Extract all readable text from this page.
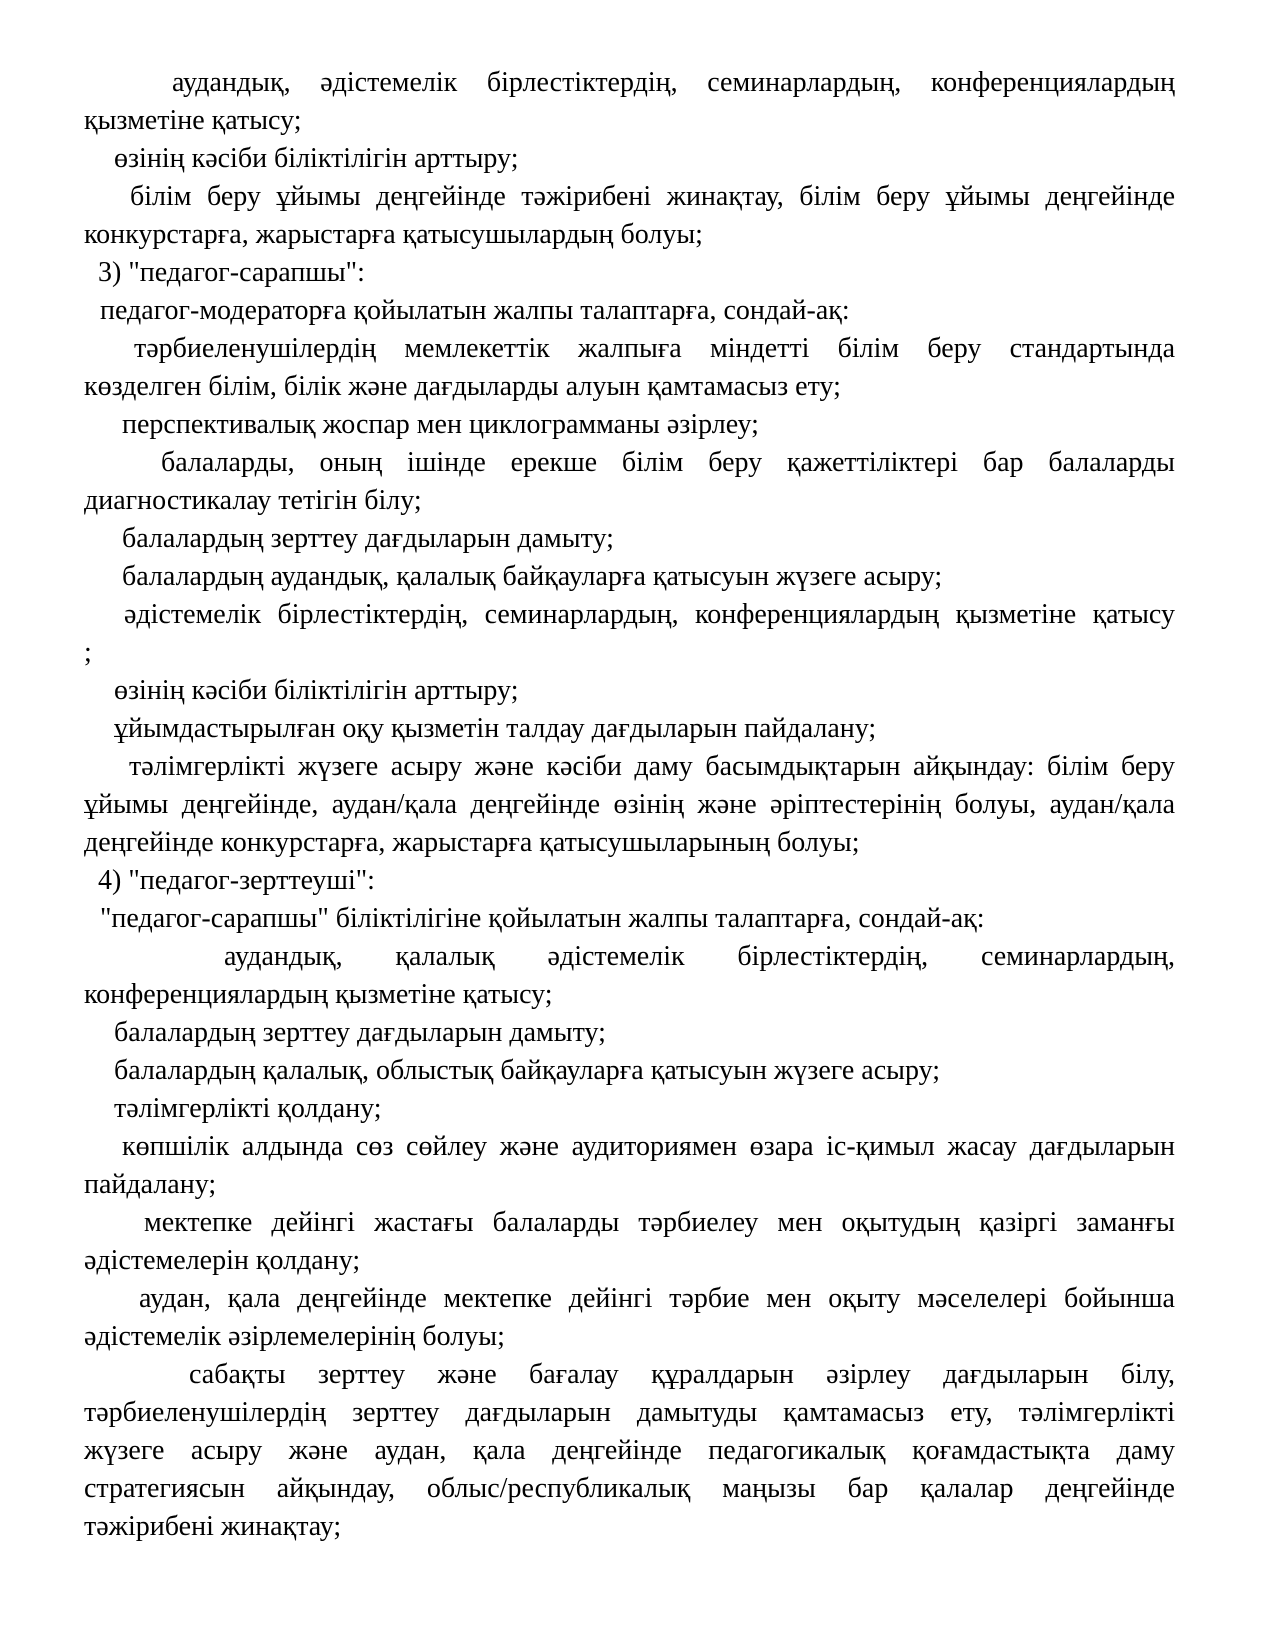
аудандық, әдістемелік бірлестіктердің, семинарлардың, конференциялардың
қызметіне қатысу;
өзінің кәсіби біліктілігін арттыру;
білім беру ұйымы деңгейінде тәжірибені жинақтау, білім беру ұйымы деңгейінде
конкурстарға, жарыстарға қатысушылардың болуы;
3) "педагог-сарапшы":
педагог-модераторға қойылатын жалпы талаптарға, сондай-ақ:
тәрбиеленушілердің мемлекеттік жалпыға міндетті білім беру стандартында
көзделген білім, білік және дағдыларды алуын қамтамасыз ету;
перспективалық жоспар мен циклограмманы әзірлеу;
балаларды, оның ішінде ерекше білім беру қажеттіліктері бар балаларды
диагностикалау тетігін білу;
балалардың зерттеу дағдыларын дамыту;
балалардың аудандық, қалалық байқауларға қатысуын жүзеге асыру;
әдістемелік бірлестіктердің, семинарлардың, конференциялардың қызметіне қатысу
;
өзінің кәсіби біліктілігін арттыру;
ұйымдастырылған оқу қызметін талдау дағдыларын пайдалану;
тәлімгерлікті жүзеге асыру және кәсіби даму басымдықтарын айқындау: білім беру
ұйымы деңгейінде, аудан/қала деңгейінде өзінің және әріптестерінің болуы, аудан/қала
деңгейінде конкурстарға, жарыстарға қатысушыларының болуы;
4) "педагог-зерттеуші":
"педагог-сарапшы" біліктілігіне қойылатын жалпы талаптарға, сондай-ақ:
аудандық, қалалық әдістемелік бірлестіктердің, семинарлардың,
конференциялардың қызметіне қатысу;
балалардың зерттеу дағдыларын дамыту;
балалардың қалалық, облыстық байқауларға қатысуын жүзеге асыру;
тәлімгерлікті қолдану;
көпшілік алдында сөз сөйлеу және аудиториямен өзара іс-қимыл жасау дағдыларын
пайдалану;
мектепке дейінгі жастағы балаларды тәрбиелеу мен оқытудың қазіргі заманғы
әдістемелерін қолдану;
аудан, қала деңгейінде мектепке дейінгі тәрбие мен оқыту мәселелері бойынша
әдістемелік әзірлемелерінің болуы;
сабақты зерттеу және бағалау құралдарын әзірлеу дағдыларын білу,
тәрбиеленушілердің зерттеу дағдыларын дамытуды қамтамасыз ету, тәлімгерлікті
жүзеге асыру және аудан, қала деңгейінде педагогикалық қоғамдастықта даму
стратегиясын айқындау, облыс/республикалық маңызы бар қалалар деңгейінде
тәжірибені жинақтау;
